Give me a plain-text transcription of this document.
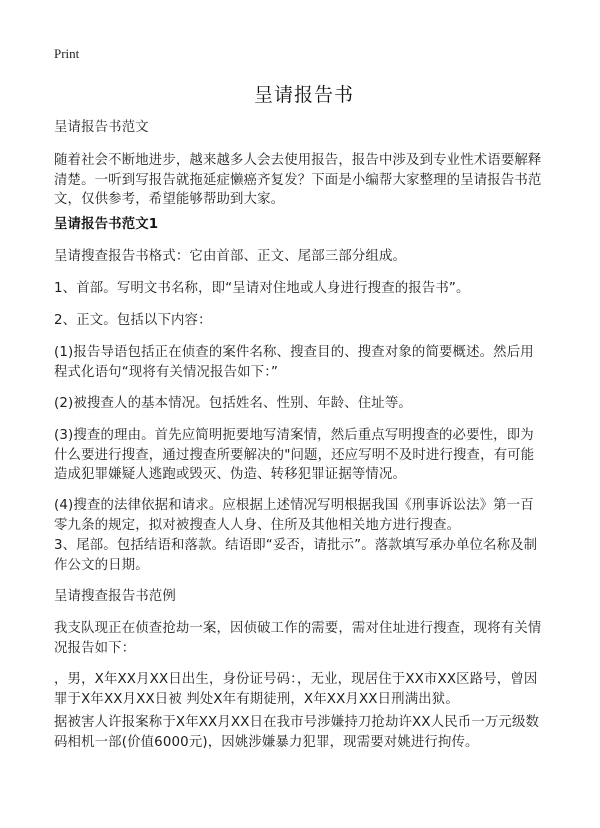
Print
呈请报告书
呈请报告书范文
随着社会不断地进步，越来越多人会去使用报告，报告中涉及到专业性术语要解释清楚。一听到写报告就拖延症懒癌齐复发？下面是小编帮大家整理的呈请报告书范文，仅供参考，希望能够帮助到大家。
呈请报告书范文1
呈请搜查报告书格式：它由首部、正文、尾部三部分组成。
1、首部。写明文书名称，即“呈请对住地或人身进行搜查的报告书”。
2、正文。包括以下内容：
(1)报告导语包括正在侦查的案件名称、搜查目的、搜查对象的简要概述。然后用程式化语句“现将有关情况报告如下：”
(2)被搜查人的基本情况。包括姓名、性别、年龄、住址等。
(3)搜查的理由。首先应简明扼要地写清案情，然后重点写明搜查的必要性，即为什么要进行搜查，通过搜查所要解决的"问题，还应写明不及时进行搜查，有可能造成犯罪嫌疑人逃跑或毁灭、伪造、转移犯罪证据等情况。
(4)搜查的法律依据和请求。应根据上述情况写明根据我国《刑事诉讼法》第一百零九条的规定，拟对被搜查人人身、住所及其他相关地方进行搜查。
3、尾部。包括结语和落款。结语即“妥否，请批示”。落款填写承办单位名称及制作公文的日期。
呈请搜查报告书范例
我支队现正在侦查抢劫一案，因侦破工作的需要，需对住址进行搜查，现将有关情况报告如下：
，男，X年XX月XX日出生，身份证号码：，无业，现居住于XX市XX区路号，曾因罪于X年XX月XX日被 判处X年有期徒刑，X年XX月XX日刑满出狱。
据被害人许报案称于X年XX月XX日在我市号涉嫌持刀抢劫许XX人民币一万元级数码相机一部(价值6000元)，因姚涉嫌暴力犯罪，现需要对姚进行拘传。
